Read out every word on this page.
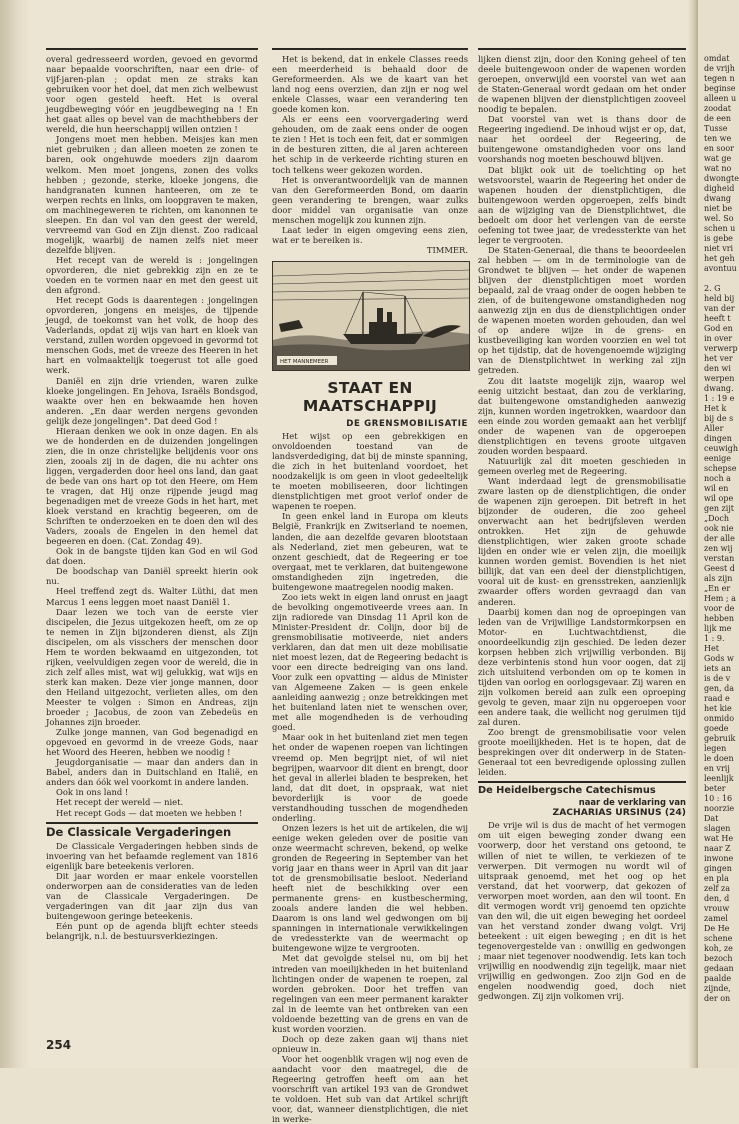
overal gedresseerd worden, gevoed en gevormd naar bepaalde voorschriften, naar een drie- of vijf-jaren-plan ; opdat men ze straks kan gebruiken voor het doel, dat men zich welbewust voor ogen gesteld heeft. Het is overal jeugdbeweging vóór en jeugdbeweging na ! En het gaat alles op bevel van de machthebbers der wereld, die hun heerschappij willen ontzien !

Jongens moet men hebben. Meisjes kan men niet gebruiken ; dan alleen moeten ze zonen te baren, ook ongehuwde moeders zijn daarom welkom. Men moet jongens, zonen des volks hebben ; gezonde, sterke, kloeke jongens, die handgranaten kunnen hanteeren, om ze te werpen rechts en links, om loopgraven te maken, om machinegeweren te richten, om kanonnen te sleepen. En dan vol van den geest der wereld, vervreemd van God en Zijn dienst. Zoo radicaal mogelijk, waarbij de namen zelfs niet meer dezelfde blijven.

Het recept van de wereld is : jongelingen opvorderen, die niet gebrekkig zijn en ze te voeden en te vormen naar en met den geest uit den afgrond.

Het recept Gods is daarentegen : jongelingen opvorderen, jongens en meisjes, de tijpende jeugd, de toekomst van het volk, de hoop des Vaderlands, opdat zij wijs van hart en kloek van verstand, zullen worden opgevoed in gevormd tot menschen Gods, met de vreeze des Heeren in het hart en volmaaktelijk toegerust tot alle goed werk.

Daniël en zijn drie vrienden, waren zulke kloeke jongelingen. En Jehova, Israëls Bondsgod, waakte over hen en bekwaamde hen hoven anderen. „En daar werden nergens gevonden gelijk deze jongelingen". Dat deed God !

Hieraan denken we ook in onze dagen. En als we de honderden en de duizenden jongelingen zien, die in onze christelijke belijdenis voor ons zien, zooals zij in de dagen, die nu achter ons liggen, vergaderden door heel ons land, dan gaat de bede van ons hart op tot den Heere, om Hem te vragen, dat Hij onze rijpende jeugd mag begenadigen met de vreeze Gods in het hart, met kloek verstand en krachtig begeeren, om de Schriften te onderzoeken en te doen den wil des Vaders, zooals de Engelen in den hemel dat begeeren en doen. (Cat. Zondag 49).

Ook in de bangste tijden kan God en wil God dat doen.

De boodschap van Daniël spreekt hierin ook nu.

Heel treffend zegt ds. Walter Lüthi, dat men Marcus 1 eens leggen moet naast Daniël 1.

Daar lezen we toch van de eerste vier discipelen, die Jezus uitgekozen heeft, om ze op te nemen in Zijn bijzonderen dienst, als Zijn discipelen, om als visschers der menschen door Hem te worden bekwaamd en uitgezonden, tot rijken, veelvuldigen zegen voor de wereld, die in zich zelf alles mist, wat wij gelukkig, wat wijs en sterk kan maken. Deze vier jonge mannen, door den Heiland uitgezocht, verlieten alles, om den Meester te volgen : Simon en Andreas, zijn broeder ; Jacobus, de zoon van Zebedeüs en Johannes zijn broeder.

Zulke jonge mannen, van God begenadigd en opgevoed en gevormd in de vreeze Gods, naar het Woord des Heeren, hebben we noodig !

Jeugdorganisatie — maar dan anders dan in Babel, anders dan in Duitschland en Italië, en anders dan óók wel voorkomt in andere landen.

Ook in ons land !

Het recept der wereld — niet.

Het recept Gods — dat moeten we hebben !

De Classicale Vergaderingen

De Classicale Vergaderingen hebben sinds de invoering van het befaamde reglement van 1816 eigenlijk bare beteekenis verloren.

Dit jaar worden er maar enkele voorstellen onderworpen aan de consideraties van de leden van de Classicale Vergaderingen. De vergaderingen van dit jaar zijn dus van buitengewoon geringe beteekenis.

Eén punt op de agenda blijft echter steeds belangrijk, n.l. de bestuursverkiezingen.

Het is bekend, dat in enkele Classes reeds een meerderheid is behaald door de Gereformeerden. Als we de kaart van het land nog eens overzien, dan zijn er nog wel enkele Classes, waar een verandering ten goede komen kon.

Als er eens een voorvergadering werd gehouden, om de zaak eens onder de oogen te zien ! Het is toch een feit, dat er sommigen in de besturen zitten, die al jaren achtereen het schip in de verkeerde richting sturen en toch telkens weer gekozen worden.

Het is onverantwoordelijk van de mannen van den Gereformeerden Bond, om daarin geen verandering te brengen, waar zulks door middel van organisatie van onze menschen mogelijk zou kunnen zijn.

Laat ieder in eigen omgeving eens zien, wat er te bereiken is.

TIMMER.

HET MANNEMEER
STAAT EN MAATSCHAPPIJ
DE GRENSMOBILISATIE

Het wijst op een gebrekkigen en onvoldoenden toestand van de landsverdediging, dat bij de minste spanning, die zich in het buitenland voordoet, het noodzakelijk is om geen in vloot gedeeltelijk te moeten mobiliseeren, door lichtingen dienstplichtigen met groot verlof onder de wapenen te roepen.

In geen enkel land in Europa om kleuts België, Frankrijk en Zwitserland te noemen, landen, die aan dezelfde gevaren blootstaan als Nederland, ziet men gebeuren, wat te onzent geschiedt, dat de Regeering er toe overgaat, met te verklaren, dat buitengewone omstandigheden zijn ingetreden, die buitengewone maatregelen noodig maken.

Zoo iets wekt in eigen land onrust en jaagt de bevolking ongemotiveerde vrees aan. In zijn radiorede van Dinsdag 11 April kon de Minister-President dr. Colijn, door bij de grensmobilisatie motiveerde, niet anders verklaren, dan dat men uit deze mobilisatie niet moest lezen, dat de Regeering bedacht is voor een directe bedreiging van ons land. Voor zulk een opvatting — aldus de Minister van Algemeene Zaken — is geen enkele aanleiding aanwezig ; onze betrekkingen met het buitenland laten niet te wenschen over, met alle mogendheden is de verhouding goed.

Maar ook in het buitenland ziet men tegen het onder de wapenen roepen van lichtingen vreemd op. Men begrijpt niet, of wil niet begrijpen, waarvoor dit dient en brengt, door het geval in allerlei bladen te bespreken, het land, dat dit doet, in opspraak, wat niet bevorderlijk is voor de goede verstandhouding tusschen de mogendheden onderling.

Onzen lezers is het uit de artikelen, die wij eenige weken geleden over de positie van onze weermacht schreven, bekend, op welke gronden de Regeering in September van het vorig jaar en thans weer in April van dit jaar tot de grensmobilisatie besloot. Nederland heeft niet de beschikking over een permanente grens- en kustbescherming, zooals andere landen die wel hebben. Daarom is ons land wel gedwongen om bij spanningen in internationale verwikkelingen de vredessterkte van de weermacht op buitengewone wijze te vergrooten.

Met dat gevolgde stelsel nu, om bij het intreden van moeilijkheden in het buitenland lichtingen onder de wapenen te roepen, zal worden gebroken. Door het treffen van regelingen van een meer permanent karakter zal in de leemte van het ontbreken van een voldoende bezetting van de grens en van de kust worden voorzien.

Doch op deze zaken gaan wij thans niet opnieuw in.

Voor het oogenblik vragen wij nog even de aandacht voor den maatregel, die de Regeering getroffen heeft om aan het voorschrift van artikel 193 van de Grondwet te voldoen. Het sub van dat Artikel schrijft voor, dat, wanneer dienstplichtigen, die niet in werke-

lijken dienst zijn, door den Koning geheel of ten deele buitengewoon onder de wapenen worden geroepen, onverwijld een voorstel van wet aan de Staten-Generaal wordt gedaan om het onder de wapenen blijven der dienstplichtigen zooveel noodig te bepalen.

Dat voorstel van wet is thans door de Regeering ingediend. De inhoud wijst er op, dat, naar het oordeel der Regeering, de buitengewone omstandigheden voor ons land voorshands nog moeten beschouwd blijven.

Dat blijkt ook uit de toelichting op het wetsvoorstel, waarin de Regeering het onder de wapenen houden der dienstplichtigen, die buitengewoon werden opgeroepen, zelfs bindt aan de wijziging van de Dienstplichtwet, die bedoelt om door het verlengen van de eerste oefening tot twee jaar, de vredessterkte van het leger te vergrooten.

De Staten-Generaal, die thans te beoordeelen zal hebben — om in de terminologie van de Grondwet te blijven — het onder de wapenen blijven der dienstplichtigen moet worden bepaald, zal de vraag onder de oogen hebben te zien, of de buitengewone omstandigheden nog aanwezig zijn en dus de dienstplichtigen onder de wapenen moeten worden gehouden, dan wel of op andere wijze in de grens- en kustbeveiliging kan worden voorzien en wel tot op het tijdstip, dat de hovengenoemde wijziging van de Dienstplichtwet in werking zal zijn getreden.

Zou dit laatste mogelijk zijn, waarop wel eenig uitzicht bestaat, dan zou de verklaring, dat buitengewone omstandigheden aanwezig zijn, kunnen worden ingetrokken, waardoor dan een einde zou worden gemaakt aan het verblijf onder de wapenen van de opgeroepen dienstplichtigen en tevens groote uitgaven zouden worden bespaard.

Natuurlijk zal dit moeten geschieden in gemeen overleg met de Regeering.

Want inderdaad legt de grensmobilisatie zware lasten op de dienstplichtigen, die onder de wapenen zijn geroepen. Dit betreft in het bijzonder de ouderen, die zoo geheel onverwacht aan het bedrijfsleven werden ontrokken. Het zijn de gehuwde dienstplichtigen, wier zaken groote schade lijden en onder wie er velen zijn, die moeilijk kunnen worden gemist. Bovendien is het niet billijk, dat van een deel der dienstplichtigen, vooral uit de kust- en grensstreken, aanzienlijk zwaarder offers worden gevraagd dan van anderen.

Daarbij komen dan nog de oproepingen van leden van de Vrijwillige Landstormkorpsen en Motor- en Luchtwachtdienst, die onoordeelkundig zijn geschied. De leden dezer korpsen hebben zich vrijwillig verbonden. Bij deze verbintenis stond hun voor oogen, dat zij zich uitsluitend verbonden om op te komen in tijden van oorlog en oorlogsgevaar. Zij waren en zijn volkomen bereid aan zulk een oproeping gevolg te geven, maar zijn nu opgeroepen voor een andere taak, die wellicht nog geruimen tijd zal duren.

Zoo brengt de grensmobilisatie voor velen groote moeilijkheden. Het is te hopen, dat de besprekingen over dit onderwerp in de Staten-Generaal tot een bevredigende oplossing zullen leiden.

De Heidelbergsche Catechismus
naar de verklaring van
ZACHARIAS URSINUS (24)

De vrije wil is dus de macht of het vermogen om uit eigen beweging zonder dwang een voorwerp, door het verstand ons getoond, te willen of niet te willen, te verkiezen of te verwerpen. Dit vermogen nu wordt wil of uitspraak genoemd, met het oog op het verstand, dat het voorwerp, dat gekozen of verworpen moet worden, aan den wil toont. En dit vermogen wordt vrij genoemd ten opzichte van den wil, die uit eigen beweging het oordeel van het verstand zonder dwang volgt. Vrij beteekent : uit eigen beweging ; en dit is het tegenovergestelde van : onwillig en gedwongen ; maar niet tegenover noodwendig. Iets kan toch vrijwillig en noodwendig zijn tegelijk, maar niet vrijwillig en gedwongen. Zoo zijn God en de engelen noodwendig goed, doch niet gedwongen. Zij zijn volkomen vrij.

omdat
de vrijh
tegen n
beginse
alleen u
zoodat
de een
Tusse
ten we
en soor
wat ge
wat no
dwongte
digheid
dwang
niet be
wel. So
schen u
is gebe
niet vri
het geh
avontuu

2. G
held bij
van der
heeft t
God en
in over
verwerp
het ver
den wi
werpen
dwang.
1 : 19 e
Het k
bij de s
Aller
dingen
ceuwigh
eenige
schepse
noch a
wil en
wil ope
gen zijt
„Doch
ook nie
der alle
zen wij
verstan
Geest d
als zijn
„En er
Hem ; a
voor de
hebben
lijk me
1 : 9.
Het
Gods w
iets an
is de v
gen, da
raad e
het kie
onmido
goede
gebruik
legen
le doen
en vrij
leenlijk
beter
10 : 16
noorzie
Dat
slagen
wat He
naar Z
inwone
gingen
en pla
zelf za
den, d
vrouw
zamel
De He
schene
koh, ze
bezoch
gedaan
paalde
zijnde,
der on
254
